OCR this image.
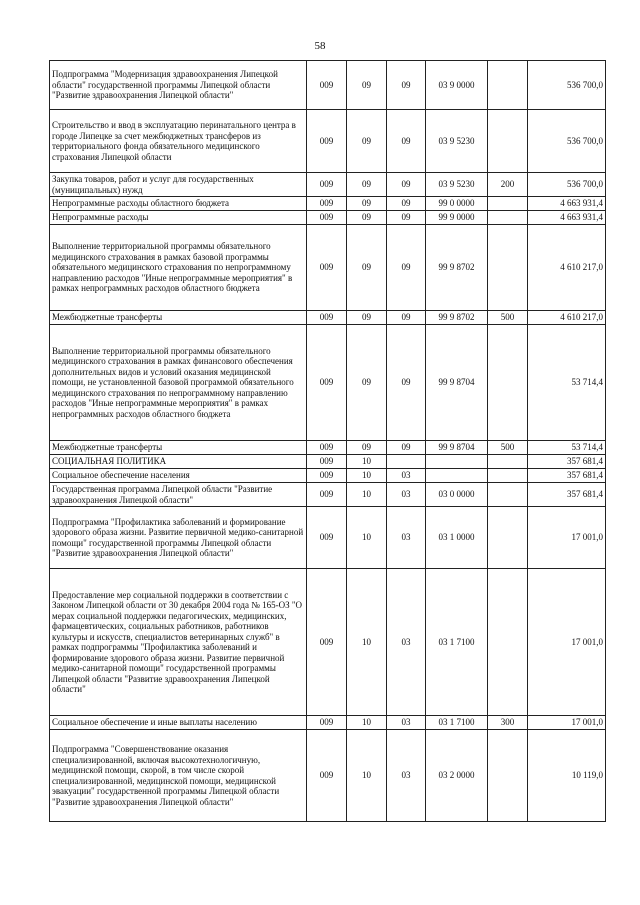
58
Подпрограмма "Модернизация здравоохранения Липецкой области" государственной программы Липецкой области "Развитие здравоохранения Липецкой области"	009	09	09	03 9 0000		536 700,0
Строительство и ввод в эксплуатацию перинатального центра в городе Липецке за счет межбюджетных трансферов из территориального фонда обязательного медицинского страхования Липецкой области	009	09	09	03 9 5230		536 700,0
Закупка товаров, работ и услуг для государственных (муниципальных) нужд	009	09	09	03 9 5230	200	536 700,0
Непрограммные расходы областного бюджета	009	09	09	99 0 0000		4 663 931,4
Непрограммные расходы	009	09	09	99 9 0000		4 663 931,4
Выполнение территориальной программы обязательного медицинского страхования в рамках базовой программы обязательного медицинского страхования по непрограммному направлению расходов "Иные непрограммные мероприятия" в рамках непрограммных расходов областного бюджета	009	09	09	99 9 8702		4 610 217,0
Межбюджетные трансферты	009	09	09	99 9 8702	500	4 610 217,0
Выполнение территориальной программы обязательного медицинского страхования в рамках финансового обеспечения дополнительных видов и условий оказания медицинской помощи, не установленной базовой программой обязательного медицинского страхования по непрограммному направлению расходов "Иные непрограммные мероприятия" в рамках непрограммных расходов областного бюджета	009	09	09	99 9 8704		53 714,4
Межбюджетные трансферты	009	09	09	99 9 8704	500	53 714,4
СОЦИАЛЬНАЯ ПОЛИТИКА	009	10				357 681,4
Социальное обеспечение населения	009	10	03			357 681,4
Государственная программа Липецкой области "Развитие здравоохранения Липецкой области"	009	10	03	03 0 0000		357 681,4
Подпрограмма "Профилактика заболеваний и формирование здорового образа жизни. Развитие первичной медико-санитарной помощи" государственной программы Липецкой области "Развитие здравоохранения Липецкой области"	009	10	03	03 1 0000		17 001,0
Предоставление мер социальной поддержки в соответствии с Законом Липецкой области от 30 декабря 2004 года № 165-ОЗ "О мерах социальной поддержки педагогических, медицинских, фармацевтических, социальных работников, работников культуры и искусств, специалистов ветеринарных служб" в рамках подпрограммы "Профилактика заболеваний и формирование здорового образа жизни. Развитие первичной медико-санитарной помощи" государственной программы Липецкой области "Развитие здравоохранения Липецкой области"	009	10	03	03 1 7100		17 001,0
Социальное обеспечение и иные выплаты населению	009	10	03	03 1 7100	300	17 001,0
Подпрограмма "Совершенствование оказания специализированной, включая высокотехнологичную, медицинской помощи, скорой, в том числе скорой специализированной, медицинской помощи, медицинской эвакуации" государственной программы Липецкой области "Развитие здравоохранения Липецкой области"	009	10	03	03 2 0000		10 119,0
